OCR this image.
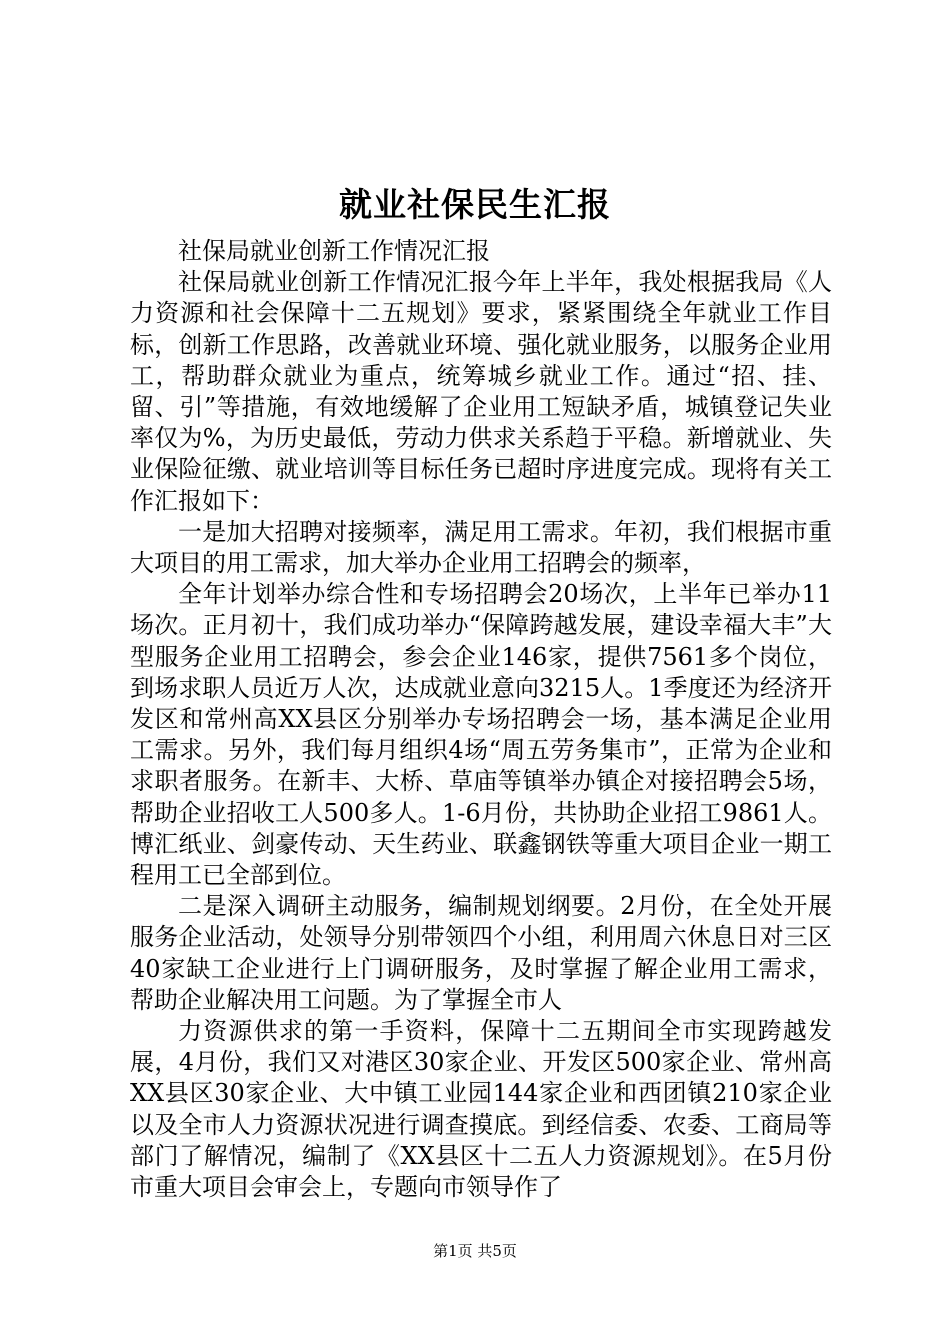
就业社保民生汇报

社保局就业创新工作情况汇报

社保局就业创新工作情况汇报今年上半年，我处根据我局《人力资源和社会保障十二五规划》要求，紧紧围绕全年就业工作目标，创新工作思路，改善就业环境、强化就业服务，以服务企业用工，帮助群众就业为重点，统筹城乡就业工作。通过“招、挂、留、引”等措施，有效地缓解了企业用工短缺矛盾，城镇登记失业率仅为%，为历史最低，劳动力供求关系趋于平稳。新增就业、失业保险征缴、就业培训等目标任务已超时序进度完成。现将有关工作汇报如下：

一是加大招聘对接频率，满足用工需求。年初，我们根据市重大项目的用工需求，加大举办企业用工招聘会的频率，

全年计划举办综合性和专场招聘会20场次，上半年已举办11场次。正月初十，我们成功举办“保障跨越发展，建设幸福大丰”大型服务企业用工招聘会，参会企业146家，提供7561多个岗位，到场求职人员近万人次，达成就业意向3215人。1季度还为经济开发区和常州高XX县区分别举办专场招聘会一场，基本满足企业用工需求。另外，我们每月组织4场“周五劳务集市”，正常为企业和求职者服务。在新丰、大桥、草庙等镇举办镇企对接招聘会5场，帮助企业招收工人500多人。1-6月份，共协助企业招工9861人。博汇纸业、剑豪传动、天生药业、联鑫钢铁等重大项目企业一期工程用工已全部到位。

二是深入调研主动服务，编制规划纲要。2月份，在全处开展服务企业活动，处领导分别带领四个小组，利用周六休息日对三区40家缺工企业进行上门调研服务，及时掌握了解企业用工需求，帮助企业解决用工问题。为了掌握全市人

力资源供求的第一手资料，保障十二五期间全市实现跨越发展，4月份，我们又对港区30家企业、开发区500家企业、常州高XX县区30家企业、大中镇工业园144家企业和西团镇210家企业以及全市人力资源状况进行调查摸底。到经信委、农委、工商局等部门了解情况，编制了《XX县区十二五人力资源规划》。在5月份市重大项目会审会上，专题向市领导作了

第1页 共5页
